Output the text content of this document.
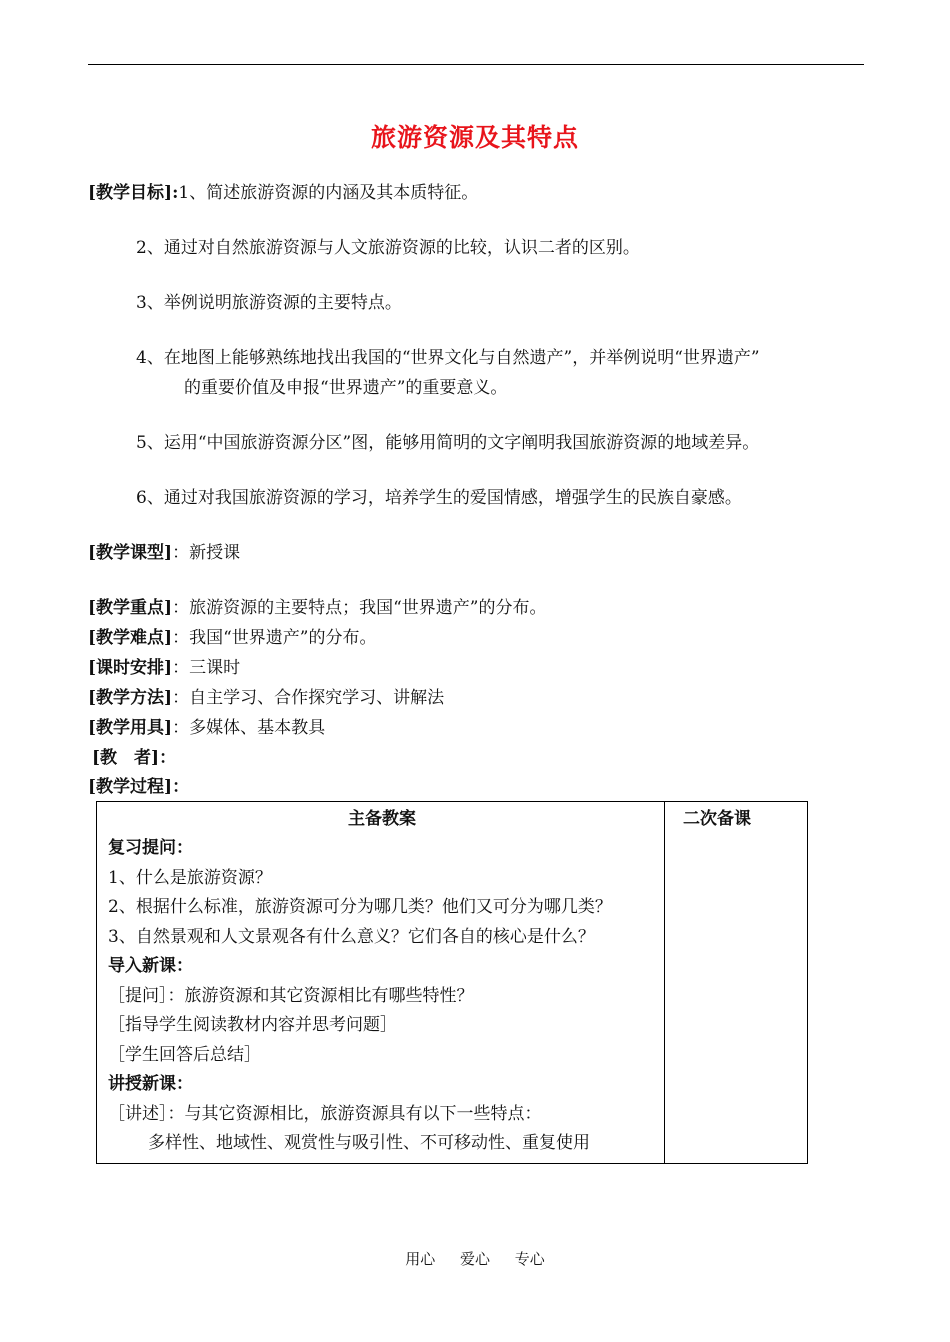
旅游资源及其特点
[教学目标]:1、简述旅游资源的内涵及其本质特征。
2、通过对自然旅游资源与人文旅游资源的比较，认识二者的区别。
3、举例说明旅游资源的主要特点。
4、在地图上能够熟练地找出我国的“世界文化与自然遗产”，并举例说明“世界遗产”
的重要价值及申报“世界遗产”的重要意义。
5、运用“中国旅游资源分区”图，能够用简明的文字阐明我国旅游资源的地域差异。
6、通过对我国旅游资源的学习，培养学生的爱国情感，增强学生的民族自豪感。
[教学课型]：新授课
[教学重点]：旅游资源的主要特点；我国“世界遗产”的分布。
[教学难点]：我国“世界遗产”的分布。
[课时安排]：三课时
[教学方法]：自主学习、合作探究学习、讲解法
[教学用具]：多媒体、基本教具
[教　者]：
[教学过程]：
主备教案
复习提问：
1、什么是旅游资源？
2、根据什么标准，旅游资源可分为哪几类？他们又可分为哪几类？
3、自然景观和人文景观各有什么意义？它们各自的核心是什么？
导入新课：
［提问］：旅游资源和其它资源相比有哪些特性？
［指导学生阅读教材内容并思考问题］
［学生回答后总结］
讲授新课：
［讲述］：与其它资源相比，旅游资源具有以下一些特点：
多样性、地域性、观赏性与吸引性、不可移动性、重复使用

二次备课
用心 爱心 专心
